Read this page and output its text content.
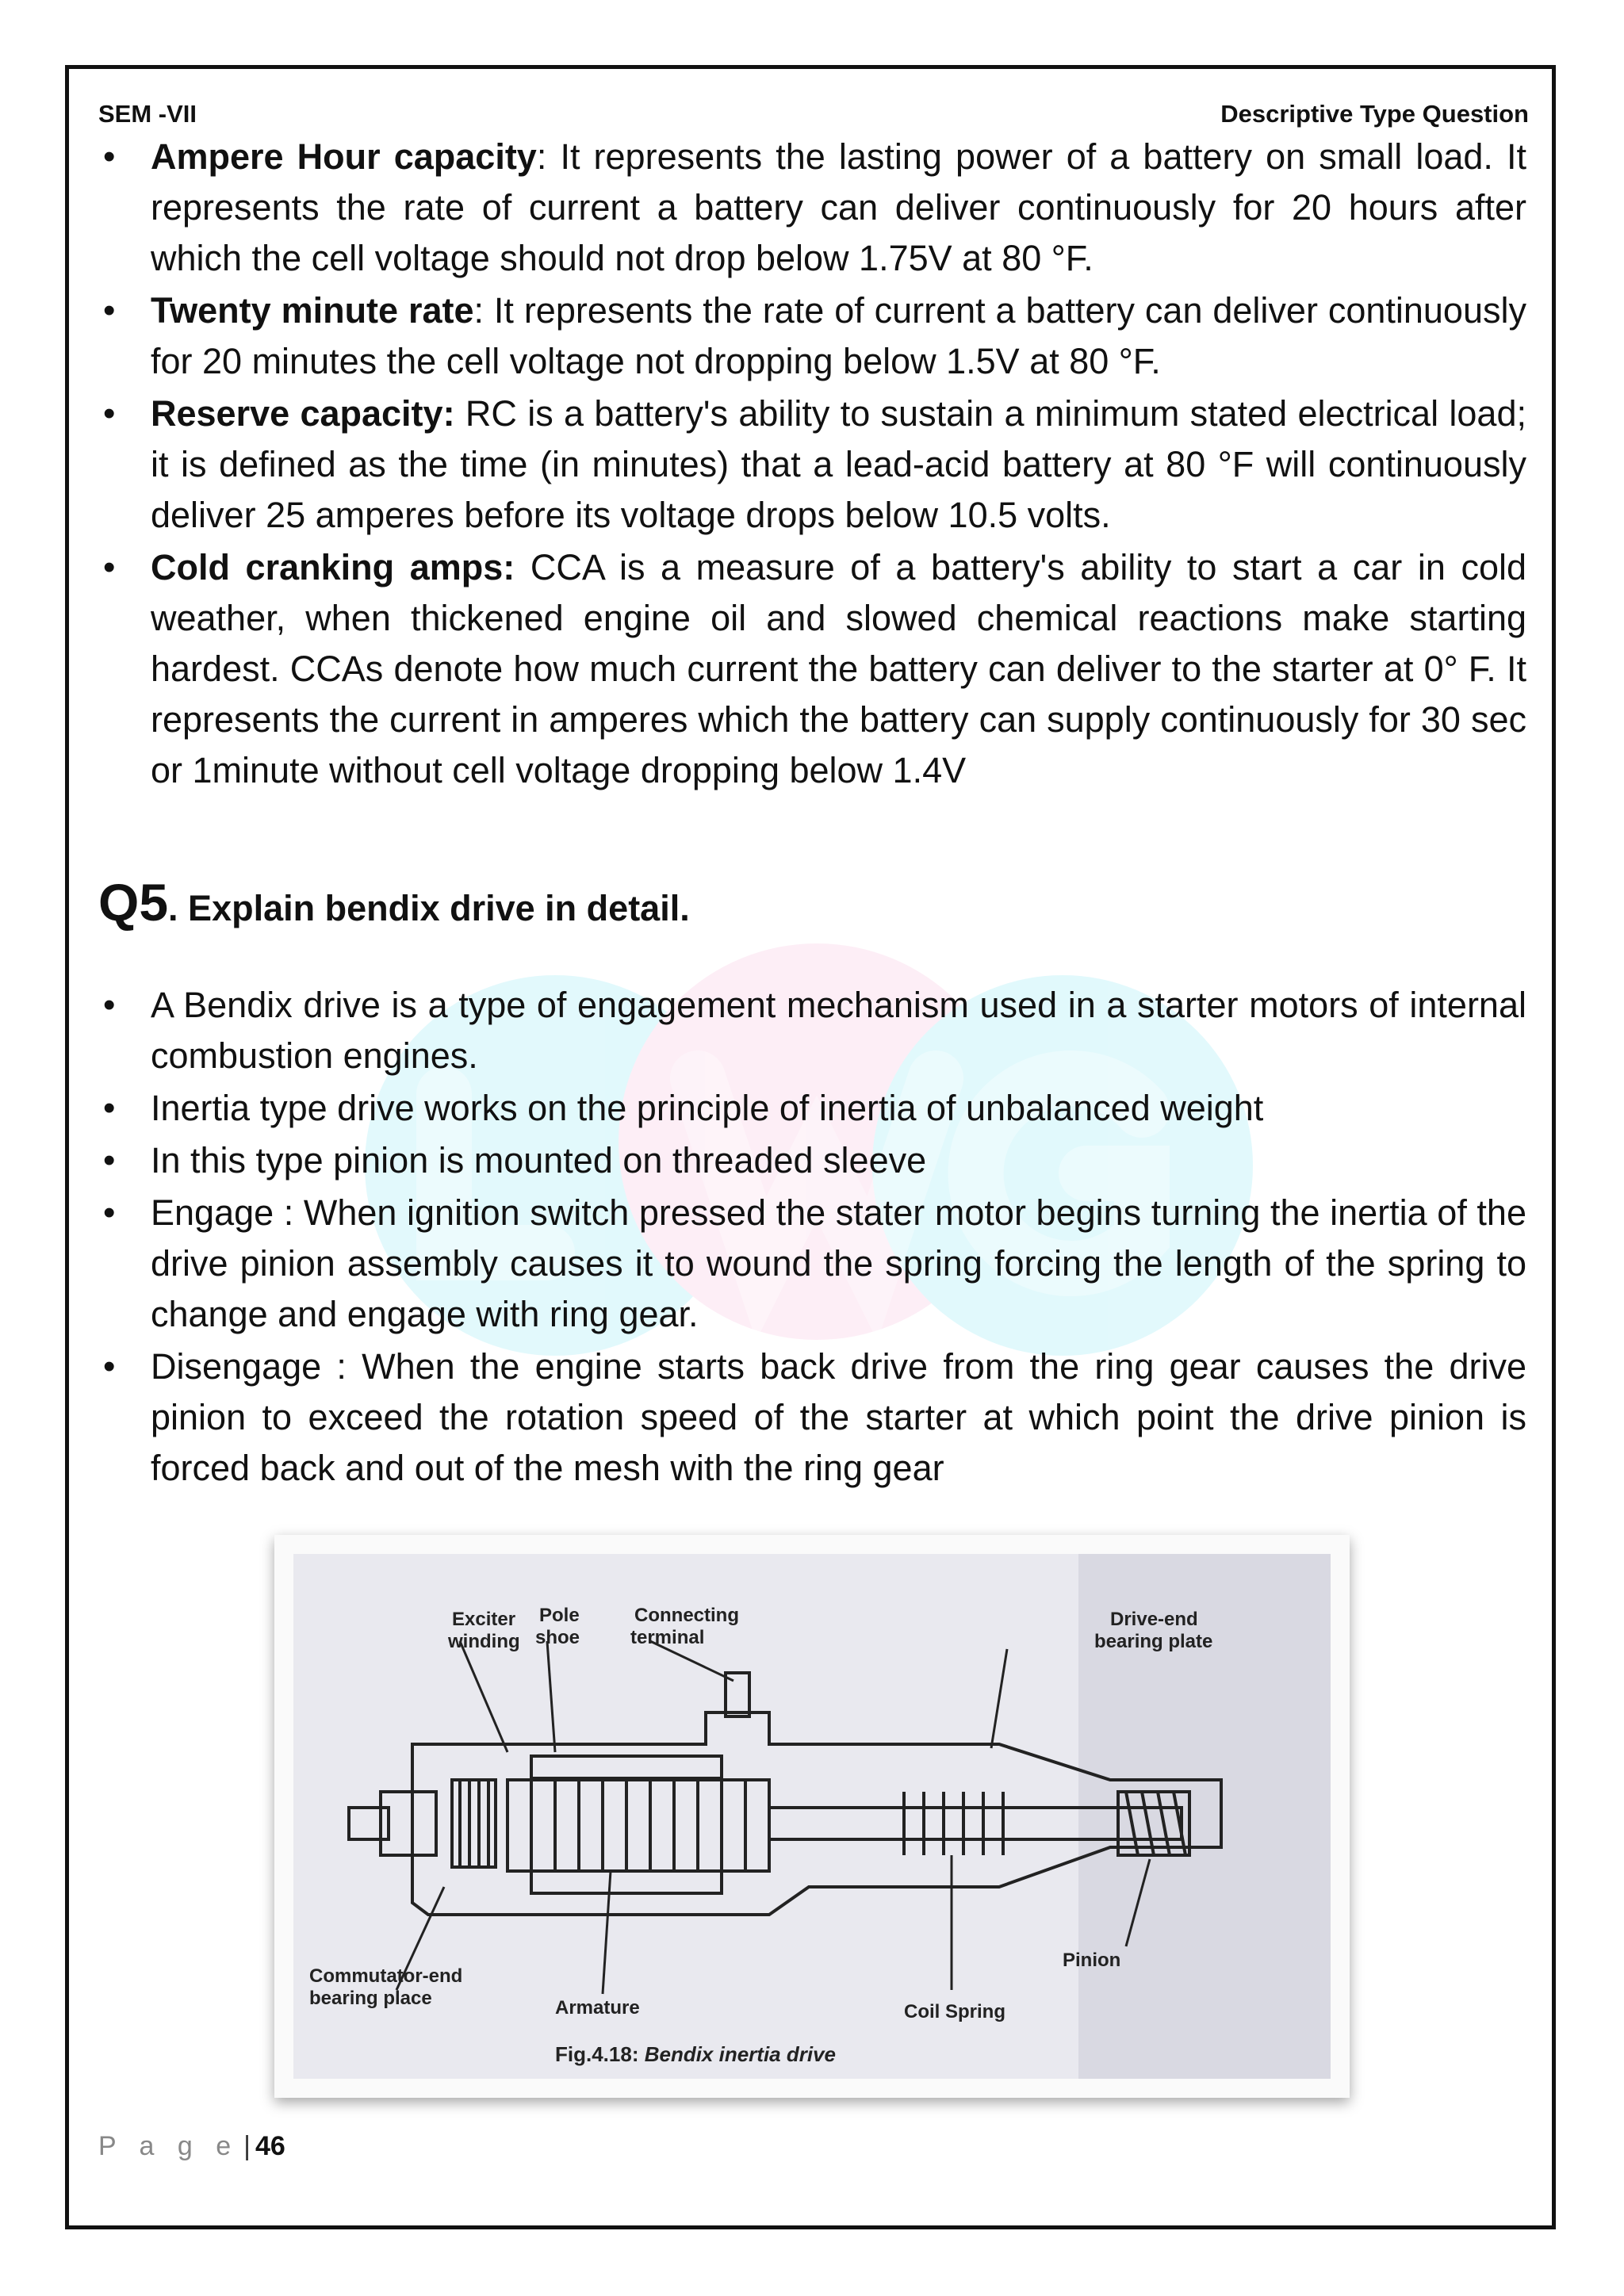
SEM -VII	Descriptive Type Question
• Ampere Hour capacity: It represents the lasting power of a battery on small load. It represents the rate of current a battery can deliver continuously for 20 hours after which the cell voltage should not drop below 1.75V at 80 °F.
• Twenty minute rate: It represents the rate of current a battery can deliver continuously for 20 minutes the cell voltage not dropping below 1.5V at 80 °F.
• Reserve capacity: RC is a battery's ability to sustain a minimum stated electrical load; it is defined as the time (in minutes) that a lead-acid battery at 80 °F will continuously deliver 25 amperes before its voltage drops below 10.5 volts.
• Cold cranking amps: CCA is a measure of a battery's ability to start a car in cold weather, when thickened engine oil and slowed chemical reactions make starting hardest. CCAs denote how much current the battery can deliver to the starter at 0° F. It represents the current in amperes which the battery can supply continuously for 30 sec or 1minute without cell voltage dropping below 1.4V
Q5. Explain bendix drive in detail.
• A Bendix drive is a type of engagement mechanism used in a starter motors of internal combustion engines.
• Inertia type drive works on the principle of inertia of unbalanced weight
• In this type pinion is mounted on threaded sleeve
• Engage : When ignition switch pressed the stater motor begins turning the inertia of the drive pinion assembly causes it to wound the spring forcing the length of the spring to change and engage with ring gear.
• Disengage : When the engine starts back drive from the ring gear causes the drive pinion to exceed the rotation speed of the starter at which point the drive pinion is forced back and out of the mesh with the ring gear
Exciter winding
Pole shoe
Connecting terminal
Drive-end bearing plate
Commutator-end bearing place	Armature	Coil Spring
Pinion
Fig.4.18: Bendix inertia drive
P a g e | 46
